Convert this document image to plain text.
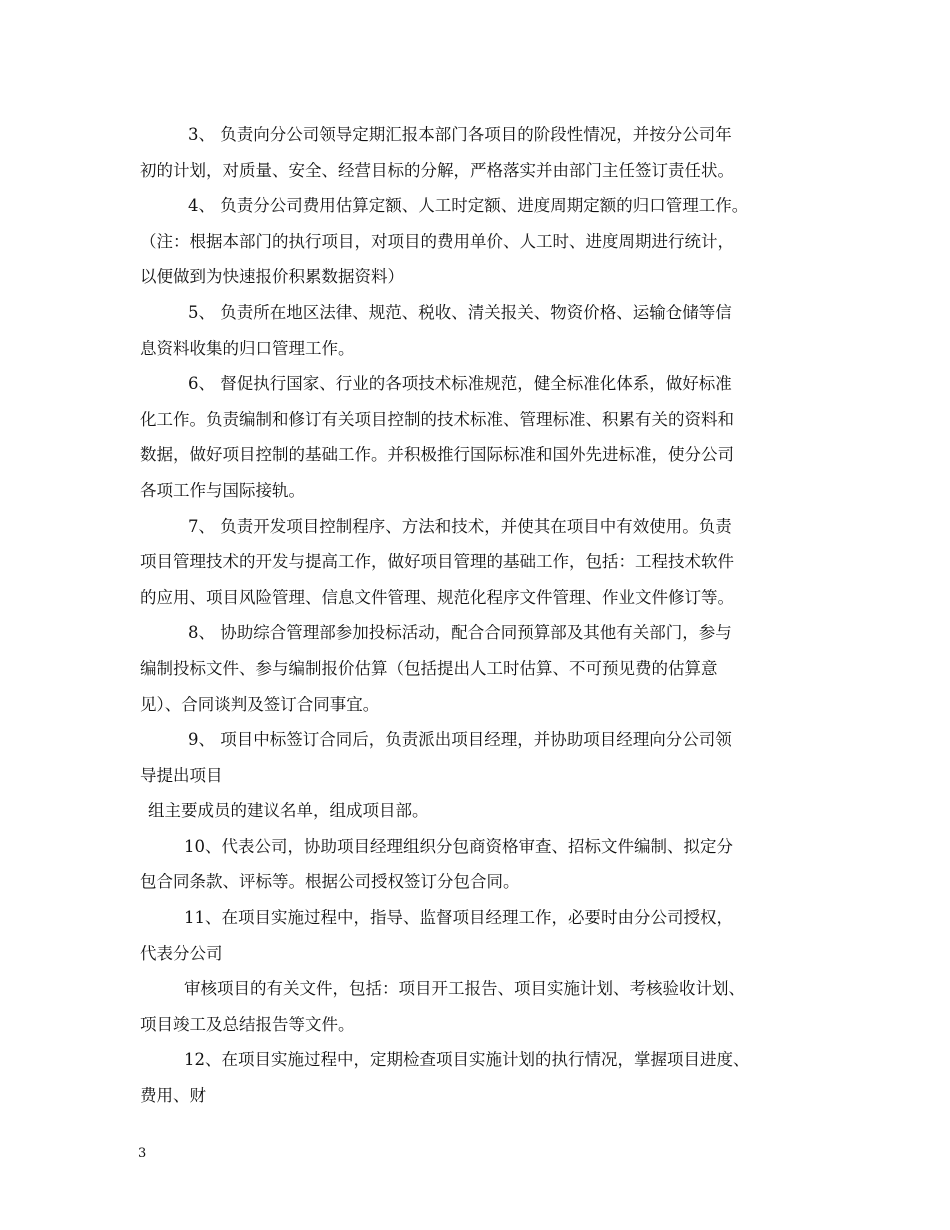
3、 负责向分公司领导定期汇报本部门各项目的阶段性情况，并按分公司年
初的计划，对质量、安全、经营目标的分解，严格落实并由部门主任签订责任状。
4、 负责分公司费用估算定额、人工时定额、进度周期定额的归口管理工作。
（注：根据本部门的执行项目，对项目的费用单价、人工时、进度周期进行统计，
以便做到为快速报价积累数据资料）
5、 负责所在地区法律、规范、税收、清关报关、物资价格、运输仓储等信
息资料收集的归口管理工作。
6、 督促执行国家、行业的各项技术标准规范，健全标准化体系，做好标准
化工作。负责编制和修订有关项目控制的技术标准、管理标准、积累有关的资料和
数据，做好项目控制的基础工作。并积极推行国际标准和国外先进标准，使分公司
各项工作与国际接轨。
7、 负责开发项目控制程序、方法和技术，并使其在项目中有效使用。负责
项目管理技术的开发与提高工作，做好项目管理的基础工作，包括：工程技术软件
的应用、项目风险管理、信息文件管理、规范化程序文件管理、作业文件修订等。
8、 协助综合管理部参加投标活动，配合合同预算部及其他有关部门，参与
编制投标文件、参与编制报价估算（包括提出人工时估算、不可预见费的估算意
见）、合同谈判及签订合同事宜。
9、 项目中标签订合同后，负责派出项目经理，并协助项目经理向分公司领
导提出项目
组主要成员的建议名单，组成项目部。
10、代表公司，协助项目经理组织分包商资格审查、招标文件编制、拟定分
包合同条款、评标等。根据公司授权签订分包合同。
11、在项目实施过程中，指导、监督项目经理工作，必要时由分公司授权，
代表分公司
审核项目的有关文件，包括：项目开工报告、项目实施计划、考核验收计划、
项目竣工及总结报告等文件。
12、在项目实施过程中，定期检查项目实施计划的执行情况，掌握项目进度、
费用、财
3
